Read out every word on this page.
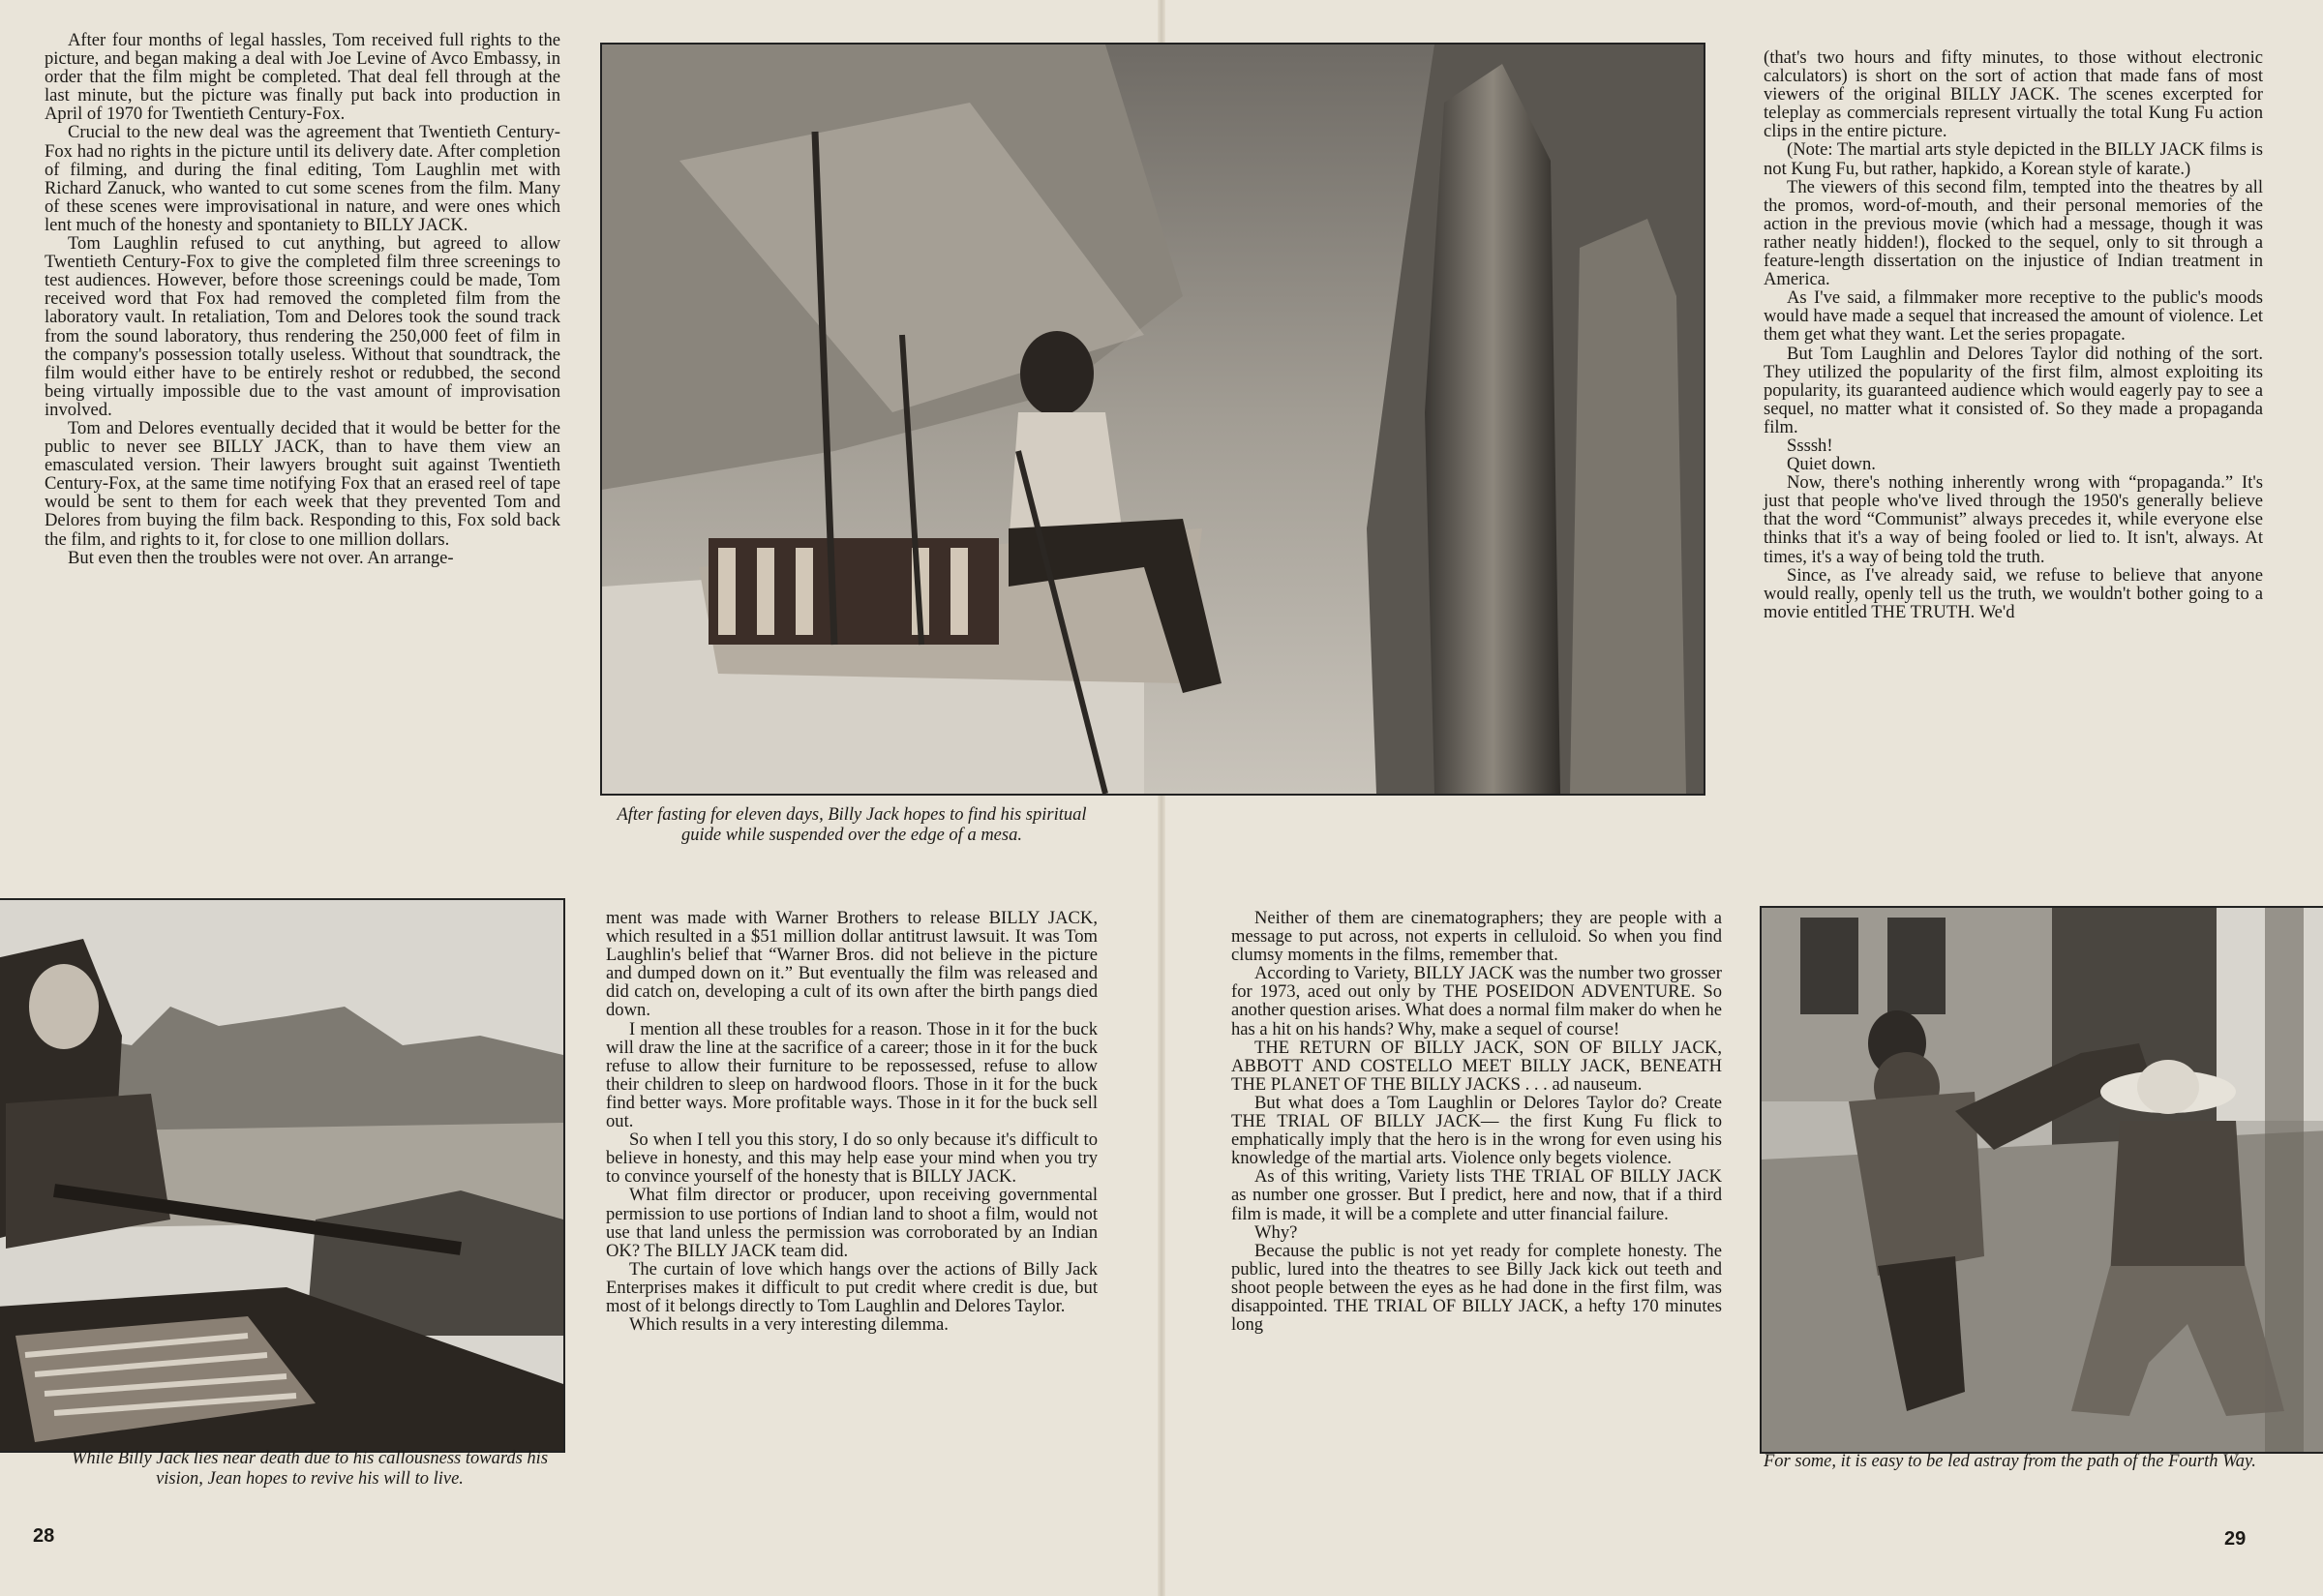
After four months of legal hassles, Tom received full rights to the picture, and began making a deal with Joe Levine of Avco Embassy, in order that the film might be completed. That deal fell through at the last minute, but the picture was finally put back into production in April of 1970 for Twentieth Century-Fox.

Crucial to the new deal was the agreement that Twentieth Century-Fox had no rights in the picture until its delivery date. After completion of filming, and during the final editing, Tom Laughlin met with Richard Zanuck, who wanted to cut some scenes from the film. Many of these scenes were improvisational in nature, and were ones which lent much of the honesty and spontaniety to BILLY JACK.

Tom Laughlin refused to cut anything, but agreed to allow Twentieth Century-Fox to give the completed film three screenings to test audiences. However, before those screenings could be made, Tom received word that Fox had removed the completed film from the laboratory vault. In retaliation, Tom and Delores took the sound track from the sound laboratory, thus rendering the 250,000 feet of film in the company's possession totally useless. Without that soundtrack, the film would either have to be entirely reshot or redubbed, the second being virtually impossible due to the vast amount of improvisation involved.

Tom and Delores eventually decided that it would be better for the public to never see BILLY JACK, than to have them view an emasculated version. Their lawyers brought suit against Twentieth Century-Fox, at the same time notifying Fox that an erased reel of tape would be sent to them for each week that they prevented Tom and Delores from buying the film back. Responding to this, Fox sold back the film, and rights to it, for close to one million dollars.

But even then the troubles were not over. An arrange-

After fasting for eleven days, Billy Jack hopes to find his spiritual guide while suspended over the edge of a mesa.
While Billy Jack lies near death due to his callousness towards his vision, Jean hopes to revive his will to live.

ment was made with Warner Brothers to release BILLY JACK, which resulted in a $51 million dollar antitrust lawsuit. It was Tom Laughlin's belief that “Warner Bros. did not believe in the picture and dumped down on it.” But eventually the film was released and did catch on, developing a cult of its own after the birth pangs died down.

I mention all these troubles for a reason. Those in it for the buck will draw the line at the sacrifice of a career; those in it for the buck refuse to allow their furniture to be repossessed, refuse to allow their children to sleep on hardwood floors. Those in it for the buck find better ways. More profitable ways. Those in it for the buck sell out.

So when I tell you this story, I do so only because it's difficult to believe in honesty, and this may help ease your mind when you try to convince yourself of the honesty that is BILLY JACK.

What film director or producer, upon receiving governmental permission to use portions of Indian land to shoot a film, would not use that land unless the permission was corroborated by an Indian OK? The BILLY JACK team did.

The curtain of love which hangs over the actions of Billy Jack Enterprises makes it difficult to put credit where credit is due, but most of it belongs directly to Tom Laughlin and Delores Taylor.

Which results in a very interesting dilemma.

28

(that's two hours and fifty minutes, to those without electronic calculators) is short on the sort of action that made fans of most viewers of the original BILLY JACK. The scenes excerpted for teleplay as commercials represent virtually the total Kung Fu action clips in the entire picture.

(Note: The martial arts style depicted in the BILLY JACK films is not Kung Fu, but rather, hapkido, a Korean style of karate.)

The viewers of this second film, tempted into the theatres by all the promos, word-of-mouth, and their personal memories of the action in the previous movie (which had a message, though it was rather neatly hidden!), flocked to the sequel, only to sit through a feature-length dissertation on the injustice of Indian treatment in America.

As I've said, a filmmaker more receptive to the public's moods would have made a sequel that increased the amount of violence. Let them get what they want. Let the series propagate.

But Tom Laughlin and Delores Taylor did nothing of the sort. They utilized the popularity of the first film, almost exploiting its popularity, its guaranteed audience which would eagerly pay to see a sequel, no matter what it consisted of. So they made a propaganda film.

Ssssh!

Quiet down.

Now, there's nothing inherently wrong with “propaganda.” It's just that people who've lived through the 1950's generally believe that the word “Communist” always precedes it, while everyone else thinks that it's a way of being fooled or lied to. It isn't, always. At times, it's a way of being told the truth.

Since, as I've already said, we refuse to believe that anyone would really, openly tell us the truth, we wouldn't bother going to a movie entitled THE TRUTH. We'd

Neither of them are cinematographers; they are people with a message to put across, not experts in celluloid. So when you find clumsy moments in the films, remember that.

According to Variety, BILLY JACK was the number two grosser for 1973, aced out only by THE POSEIDON ADVENTURE. So another question arises. What does a normal film maker do when he has a hit on his hands? Why, make a sequel of course!

THE RETURN OF BILLY JACK, SON OF BILLY JACK, ABBOTT AND COSTELLO MEET BILLY JACK, BENEATH THE PLANET OF THE BILLY JACKS . . . ad nauseum.

But what does a Tom Laughlin or Delores Taylor do? Create THE TRIAL OF BILLY JACK— the first Kung Fu flick to emphatically imply that the hero is in the wrong for even using his knowledge of the martial arts. Violence only begets violence.

As of this writing, Variety lists THE TRIAL OF BILLY JACK as number one grosser. But I predict, here and now, that if a third film is made, it will be a complete and utter financial failure.

Why?

Because the public is not yet ready for complete honesty. The public, lured into the theatres to see Billy Jack kick out teeth and shoot people between the eyes as he had done in the first film, was disappointed. THE TRIAL OF BILLY JACK, a hefty 170 minutes long

For some, it is easy to be led astray from the path of the Fourth Way.
29
